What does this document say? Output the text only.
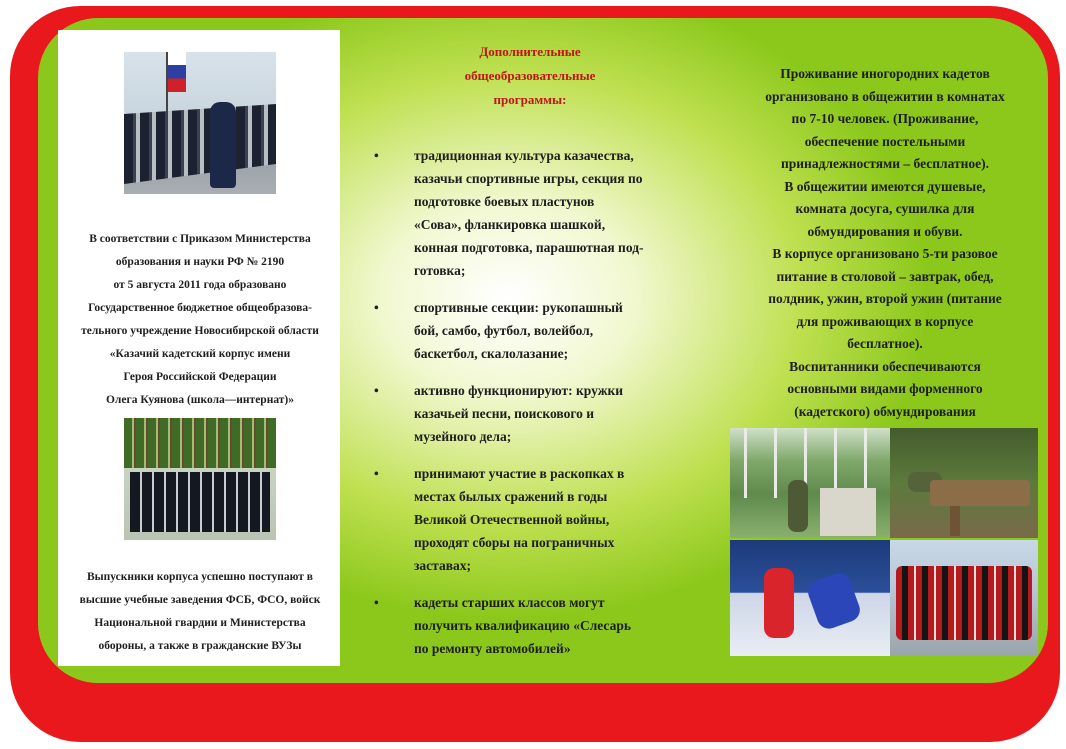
В соответствии с Приказом Министерства
образования и науки РФ № 2190
от 5 августа 2011 года образовано
Государственное бюджетное общеобразова-
тельного учреждение Новосибирской области
«Казачий кадетский корпус имени
Героя Российской Федерации
Олега Куянова (школа—интернат)»
Выпускники корпуса успешно поступают в
высшие учебные заведения ФСБ, ФСО, войск
Национальной гвардии и Министерства
обороны, а также в гражданские ВУЗы
Дополнительные
общеобразовательные
программы:
•	традиционная культура казачества,
казачьи спортивные игры, секция по
подготовке боевых пластунов
«Сова», фланкировка шашкой,
конная подготовка, парашютная под-
готовка;
•	спортивные секции: рукопашный
бой, самбо, футбол, волейбол,
баскетбол, скалолазание;
•	активно функционируют: кружки
казачьей песни, поискового и
музейного дела;
•	принимают участие в раскопках в
местах былых сражений в годы
Великой Отечественной войны,
проходят сборы на пограничных
заставах;
•	кадеты старших классов могут
получить квалификацию «Слесарь
по ремонту автомобилей»
Проживание иногородних кадетов
организовано в общежитии в комнатах
по 7-10 человек. (Проживание,
обеспечение постельными
принадлежностями – бесплатное).
В общежитии имеются душевые,
комната досуга, сушилка для
обмундирования и обуви.
В корпусе организовано 5-ти разовое
питание в столовой – завтрак, обед,
полдник, ужин, второй ужин (питание
для проживающих в корпусе
бесплатное).
Воспитанники обеспечиваются
основными видами форменного
(кадетского) обмундирования
